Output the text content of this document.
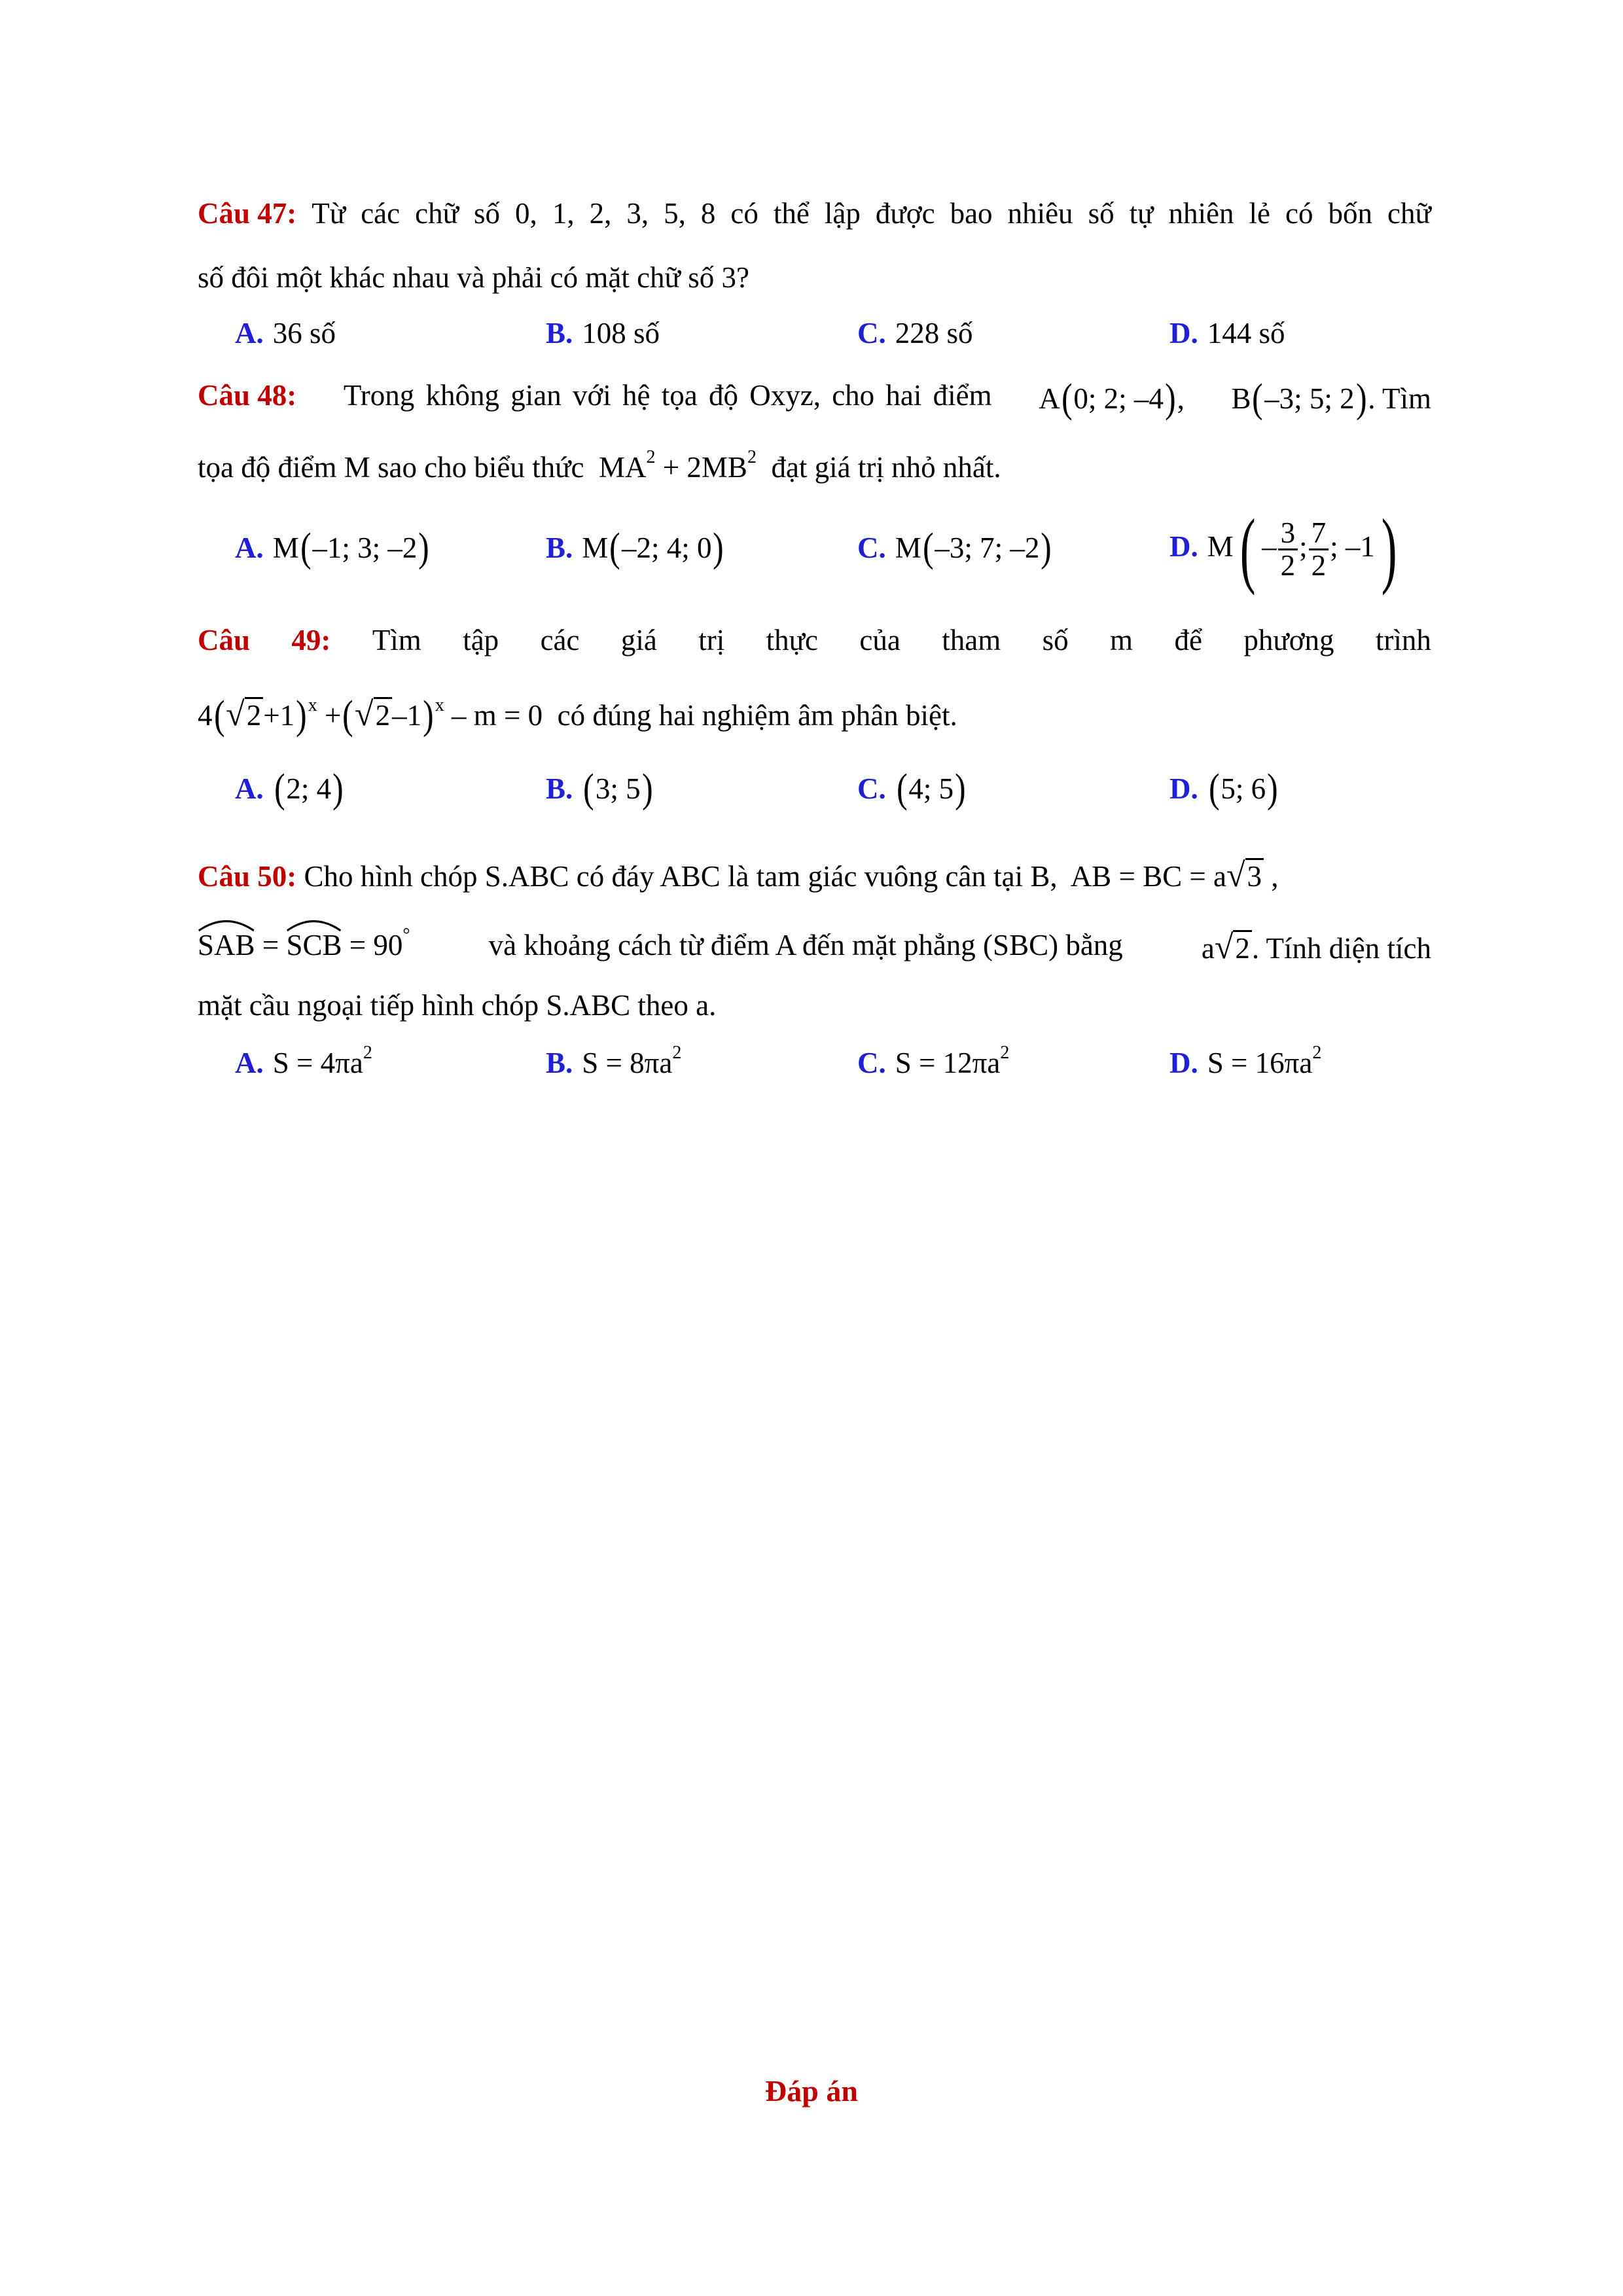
Câu 47: Từ các chữ số 0, 1, 2, 3, 5, 8 có thể lập được bao nhiêu số tự nhiên lẻ có bốn chữ
số đôi một khác nhau và phải có mặt chữ số 3?
A. 36 số	B. 108 số	C. 228 số	D. 144 số
Câu 48: Trong không gian với hệ tọa độ Oxyz, cho hai điểm A(0; 2; –4), B(–3; 5; 2). Tìm
tọa độ điểm M sao cho biểu thức $MA^2 + 2MB^2$ đạt giá trị nhỏ nhất.
A. M(–1; 3; –2)	B. M(–2; 4; 0)	C. M(–3; 7; –2)	D. $M( - \frac{3}{2}$ ; $\frac{7}{2}$ ; –1)
Câu 49: Tìm tập các giá trị thực của tham số m để phương trình
$4(√2+1)^x +(√2-1)^x - m = 0$ có đúng hai nghiệm âm phân biệt.
A. (2; 4)	B. (3; 5)	C. (4; 5)	D. (5; 6)
Câu 50: Cho hình chóp S.ABC có đáy ABC là tam giác vuông cân tại B, AB = BC = a√3 ,
SAB = SCB = 90°	và khoảng cách từ điểm A đến mặt phẳng (SBC) bằng	a√2. Tính diện tích
mặt cầu ngoại tiếp hình chóp S.ABC theo a.
A. $S = 4\pi a^2$	B. $S = 8\pi a^2$	C. $S = 12\pi a^2$	D. $S = 16\pi a^2$
Đáp án
